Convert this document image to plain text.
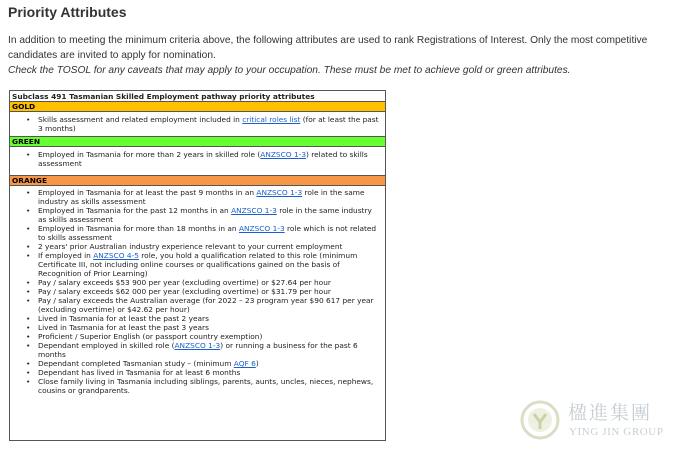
Priority Attributes

In addition to meeting the minimum criteria above, the following attributes are used to rank Registrations of Interest. Only the most competitive candidates are invited to apply for nomination.

Check the TOSOL for any caveats that may apply to your occupation. These must be met to achieve gold or green attributes.

Subclass 491 Tasmanian Skilled Employment pathway priority attributes
GOLD
• Skills assessment and related employment included in critical roles list (for at least the past 3 months)
GREEN
• Employed in Tasmania for more than 2 years in skilled role (ANZSCO 1-3) related to skills assessment
ORANGE
• Employed in Tasmania for at least the past 9 months in an ANZSCO 1-3 role in the same industry as skills assessment
• Employed in Tasmania for the past 12 months in an ANZSCO 1-3 role in the same industry as skills assessment
• Employed in Tasmania for more than 18 months in an ANZSCO 1-3 role which is not related to skills assessment
• 2 years' prior Australian industry experience relevant to your current employment
• If employed in ANZSCO 4-5 role, you hold a qualification related to this role (minimum Certificate III, not including online courses or qualifications gained on the basis of Recognition of Prior Learning)
• Pay / salary exceeds $53 900 per year (excluding overtime) or $27.64 per hour
• Pay / salary exceeds $62 000 per year (excluding overtime) or $31.79 per hour
• Pay / salary exceeds the Australian average (for 2022 – 23 program year $90 617 per year (excluding overtime) or $42.62 per hour)
• Lived in Tasmania for at least the past 2 years
• Lived in Tasmania for at least the past 3 years
• Proficient / Superior English (or passport country exemption)
• Dependant employed in skilled role (ANZSCO 1-3) or running a business for the past 6 months
• Dependant completed Tasmanian study – (minimum AQF 6)
• Dependant has lived in Tasmania for at least 6 months
• Close family living in Tasmania including siblings, parents, aunts, uncles, nieces, nephews, cousins or grandparents.
楹進集團
YING JIN GROUP
